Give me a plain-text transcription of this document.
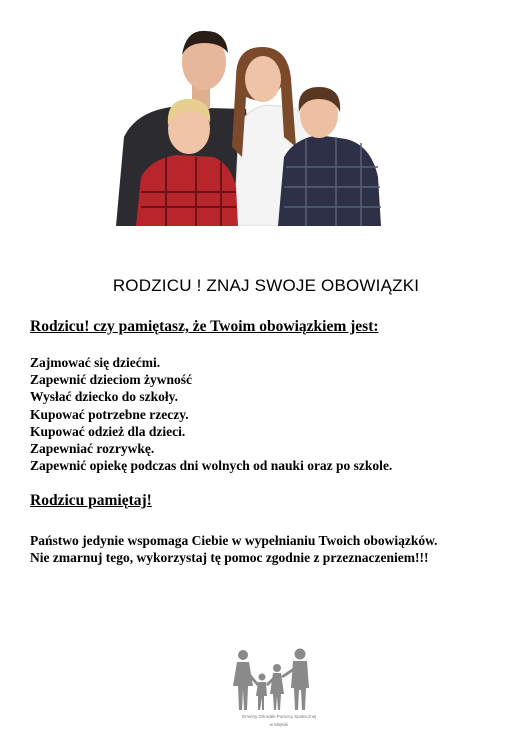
RODZICU ! ZNAJ SWOJE OBOWIĄZKI
Rodzicu! czy pamiętasz, że Twoim obowiązkiem jest:
Zajmować się dziećmi.
Zapewnić dzieciom żywność
Wysłać dziecko do szkoły.
Kupować potrzebne rzeczy.
Kupować odzież dla dzieci.
Zapewniać rozrywkę.
Zapewnić opiekę podczas dni wolnych od nauki oraz po szkole.
Rodzicu pamiętaj!

Państwo jedynie wspomaga Ciebie w wypełnianiu Twoich obowiązków.

Nie zmarnuj tego, wykorzystaj tę pomoc zgodnie z przeznaczeniem!!!

Gminny Ośrodek Pomocy Społecznej
w Miękini
